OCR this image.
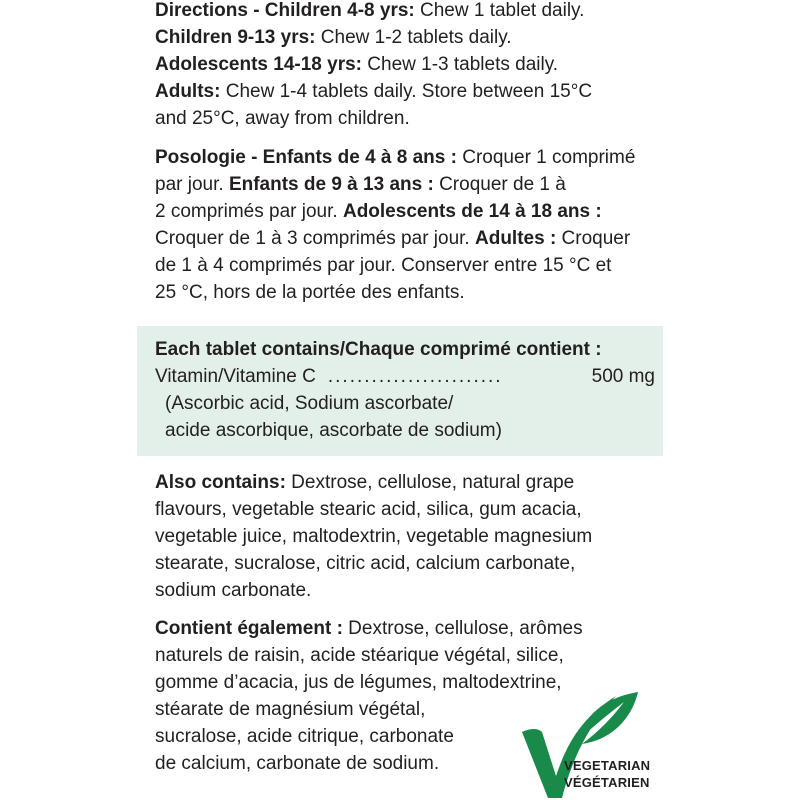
Directions - Children 4-8 yrs: Chew 1 tablet daily.

Children 9-13 yrs: Chew 1-2 tablets daily.

Adolescents 14-18 yrs: Chew 1-3 tablets daily.

Adults: Chew 1-4 tablets daily. Store between 15°C

and 25°C, away from children.

Posologie - Enfants de 4 à 8 ans : Croquer 1 comprimé

par jour. Enfants de 9 à 13 ans : Croquer de 1 à

2 comprimés par jour. Adolescents de 14 à 18 ans :

Croquer de 1 à 3 comprimés par jour. Adultes : Croquer

de 1 à 4 comprimés par jour. Conserver entre 15 °C et

25 °C, hors de la portée des enfants.

Each tablet contains/Chaque comprimé contient :

Vitamin/Vitamine C ........................	500 mg

(Ascorbic acid, Sodium ascorbate/

acide ascorbique, ascorbate de sodium)

Also contains: Dextrose, cellulose, natural grape

flavours, vegetable stearic acid, silica, gum acacia,

vegetable juice, maltodextrin, vegetable magnesium

stearate, sucralose, citric acid, calcium carbonate,

sodium carbonate.

Contient également : Dextrose, cellulose, arômes

naturels de raisin, acide stéarique végétal, silice,

gomme d’acacia, jus de légumes, maltodextrine,

stéarate de magnésium végétal,

sucralose, acide citrique, carbonate

de calcium, carbonate de sodium.	VEGETARIAN
VÉGÉTARIEN
